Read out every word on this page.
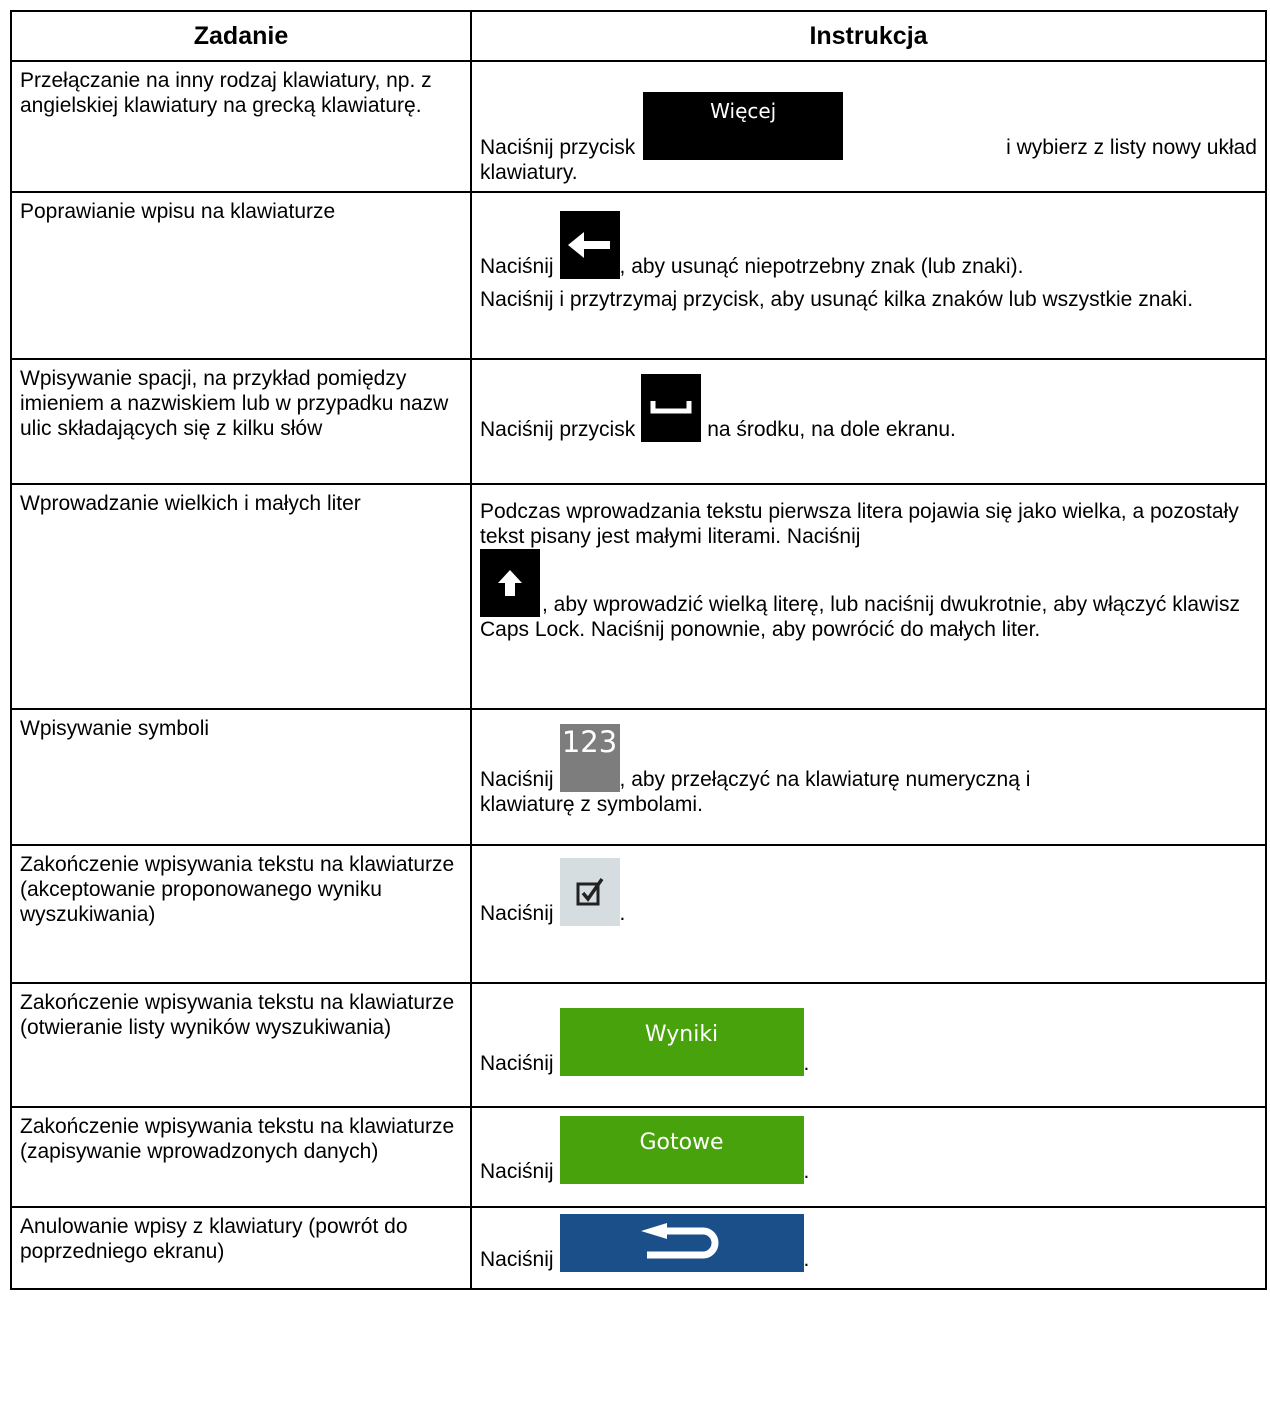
Zadanie	Instrukcja
Przełączanie na inny rodzaj klawiatury, np. z angielskiej klawiatury na grecką klawiaturę.	Naciśnij przycisk
Więcej
i wybierz z listy nowy układ
klawiatury.

Poprawianie wpisu na klawiaturze	Naciśnij , aby usunąć niepotrzebny znak (lub znaki).

Naciśnij i przytrzymaj przycisk, aby usunąć kilka znaków lub wszystkie znaki.

Wpisywanie spacji, na przykład pomiędzy imieniem a nazwiskiem lub w przypadku nazw ulic składających się z kilku słów	Naciśnij przycisk na środku, na dole ekranu.

Wprowadzanie wielkich i małych liter	Podczas wprowadzania tekstu pierwsza litera pojawia się jako wielka, a pozostały tekst pisany jest małymi literami. Naciśnij
, aby wprowadzić wielką literę, lub naciśnij dwukrotnie, aby włączyć klawisz Caps Lock. Naciśnij ponownie, aby powrócić do małych liter.

Wpisywanie symboli	Naciśnij
123
, aby przełączyć na klawiaturę numeryczną i
klawiaturę z symbolami.

Zakończenie wpisywania tekstu na klawiaturze (akceptowanie proponowanego wyniku wyszukiwania)	Naciśnij .

Zakończenie wpisywania tekstu na klawiaturze (otwieranie listy wyników wyszukiwania)	Naciśnij
Wyniki
.

Zakończenie wpisywania tekstu na klawiaturze (zapisywanie wprowadzonych danych)	Naciśnij
Gotowe
.

Anulowanie wpisy z klawiatury (powrót do poprzedniego ekranu)	Naciśnij .
